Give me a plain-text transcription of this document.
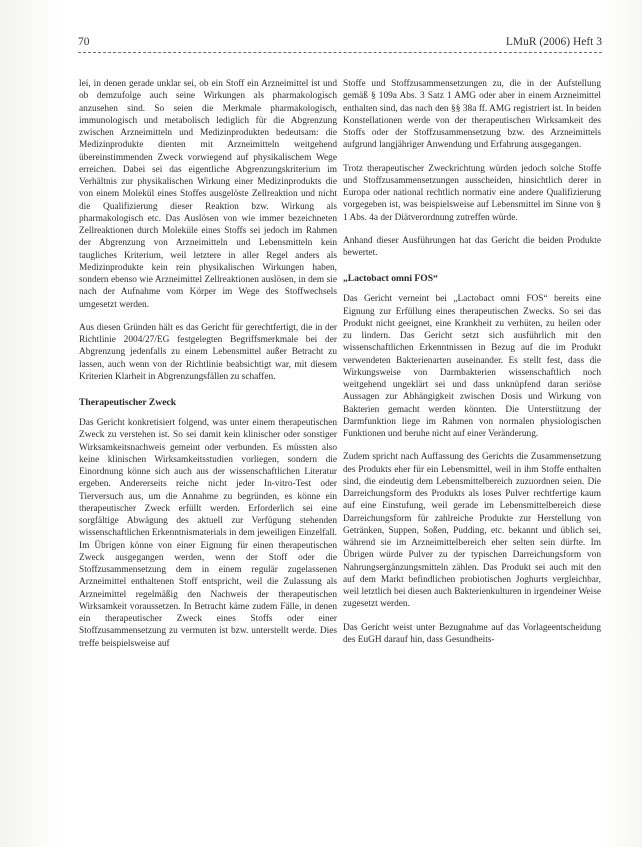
70	LMuR (2006) Heft 3

lei, in denen gerade unklar sei, ob ein Stoff ein Arzneimittel ist und ob demzufolge auch seine Wirkungen als pharmakologisch anzusehen sind. So seien die Merkmale pharmakologisch, immunologisch und metabolisch lediglich für die Abgrenzung zwischen Arzneimitteln und Medizinprodukten bedeutsam: die Medizinprodukte dienten mit Arzneimitteln weitgehend übereinstimmenden Zweck vorwiegend auf physikalischem Wege erreichen. Dabei sei das eigentliche Abgrenzungskriterium im Verhältnis zur physikalischen Wirkung einer Medizinprodukts die von einem Molekül eines Stoffes ausgelöste Zellreaktion und nicht die Qualifizierung dieser Reaktion bzw. Wirkung als pharmakologisch etc. Das Auslösen von wie immer bezeichneten Zellreaktionen durch Moleküle eines Stoffs sei jedoch im Rahmen der Abgrenzung von Arzneimitteln und Lebensmitteln kein taugliches Kriterium, weil letztere in aller Regel anders als Medizinprodukte kein rein physikalischen Wirkungen haben, sondern ebenso wie Arzneimittel Zellreaktionen auslösen, in dem sie nach der Aufnahme vom Körper im Wege des Stoffwechsels umgesetzt werden.

Aus diesen Gründen hält es das Gericht für gerechtfertigt, die in der Richtlinie 2004/27/EG festgelegten Begriffsmerkmale bei der Abgrenzung jedenfalls zu einem Lebensmittel außer Betracht zu lassen, auch wenn von der Richtlinie beabsichtigt war, mit diesem Kriterien Klarheit in Abgrenzungsfällen zu schaffen.

Therapeutischer Zweck

Das Gericht konkretisiert folgend, was unter einem therapeutischen Zweck zu verstehen ist. So sei damit kein klinischer oder sonstiger Wirksamkeitsnachweis gemeint oder verbunden. Es müssten also keine klinischen Wirksamkeitsstudien vorliegen, sondern die Einordnung könne sich auch aus der wissenschaftlichen Literatur ergeben. Andererseits reiche nicht jeder In-vitro-Test oder Tierversuch aus, um die Annahme zu begründen, es könne ein therapeutischer Zweck erfüllt werden. Erforderlich sei eine sorgfältige Abwägung des aktuell zur Verfügung stehenden wissenschaftlichen Erkenntnismaterials in dem jeweiligen Einzelfall. Im Übrigen könne von einer Eignung für einen therapeutischen Zweck ausgegangen werden, wenn der Stoff oder die Stoffzusammensetzung dem in einem regulär zugelassenen Arzneimittel enthaltenen Stoff entspricht, weil die Zulassung als Arzneimittel regelmäßig den Nachweis der therapeutischen Wirksamkeit voraussetzen. In Betracht käme zudem Fälle, in denen ein therapeutischer Zweck eines Stoffs oder einer Stoffzusammensetzung zu vermuten ist bzw. unterstellt werde. Dies treffe beispielsweise auf

Stoffe und Stoffzusammensetzungen zu, die in der Aufstellung gemäß § 109a Abs. 3 Satz 1 AMG oder aber in einem Arzneimittel enthalten sind, das nach den §§ 38a ff. AMG registriert ist. In beiden Konstellationen werde von der therapeutischen Wirksamkeit des Stoffs oder der Stoffzusammensetzung bzw. des Arzneimittels aufgrund langjähriger Anwendung und Erfahrung ausgegangen.

Trotz therapeutischer Zweckrichtung würden jedoch solche Stoffe und Stoffzusammensetzungen ausscheiden, hinsichtlich derer in Europa oder national rechtlich normativ eine andere Qualifizierung vorgegeben ist, was beispielsweise auf Lebensmittel im Sinne von § 1 Abs. 4a der Diätverordnung zutreffen würde.

Anhand dieser Ausführungen hat das Gericht die beiden Produkte bewertet.

„Lactobact omni FOS“

Das Gericht verneint bei „Lactobact omni FOS“ bereits eine Eignung zur Erfüllung eines therapeutischen Zwecks. So sei das Produkt nicht geeignet, eine Krankheit zu verhüten, zu heilen oder zu lindern. Das Gericht setzt sich ausführlich mit den wissenschaftlichen Erkenntnissen in Bezug auf die im Produkt verwendeten Bakterienarten auseinander. Es stellt fest, dass die Wirkungsweise von Darmbakterien wissenschaftlich noch weitgehend ungeklärt sei und dass unknüpfend daran seriöse Aussagen zur Abhängigkeit zwischen Dosis und Wirkung von Bakterien gemacht werden könnten. Die Unterstützung der Darmfunktion liege im Rahmen von normalen physiologischen Funktionen und beruhe nicht auf einer Veränderung.

Zudem spricht nach Auffassung des Gerichts die Zusammensetzung des Produkts eher für ein Lebensmittel, weil in ihm Stoffe enthalten sind, die eindeutig dem Lebensmittelbereich zuzuordnen seien. Die Darreichungsform des Produkts als loses Pulver rechtfertige kaum auf eine Einstufung, weil gerade im Lebensmittelbereich diese Darreichungsform für zahlreiche Produkte zur Herstellung von Getränken, Suppen, Soßen, Pudding, etc. bekannt und üblich sei, während sie im Arzneimittelbereich eher selten sein dürfte. Im Übrigen würde Pulver zu der typischen Darreichungsform von Nahrungsergänzungsmitteln zählen. Das Produkt sei auch mit den auf dem Markt befindlichen probiotischen Joghurts vergleichbar, weil letztlich bei diesen auch Bakterienkulturen in irgendeiner Weise zugesetzt werden.

Das Gericht weist unter Bezugnahme auf das Vorlageentscheidung des EuGH darauf hin, dass Gesundheits-
